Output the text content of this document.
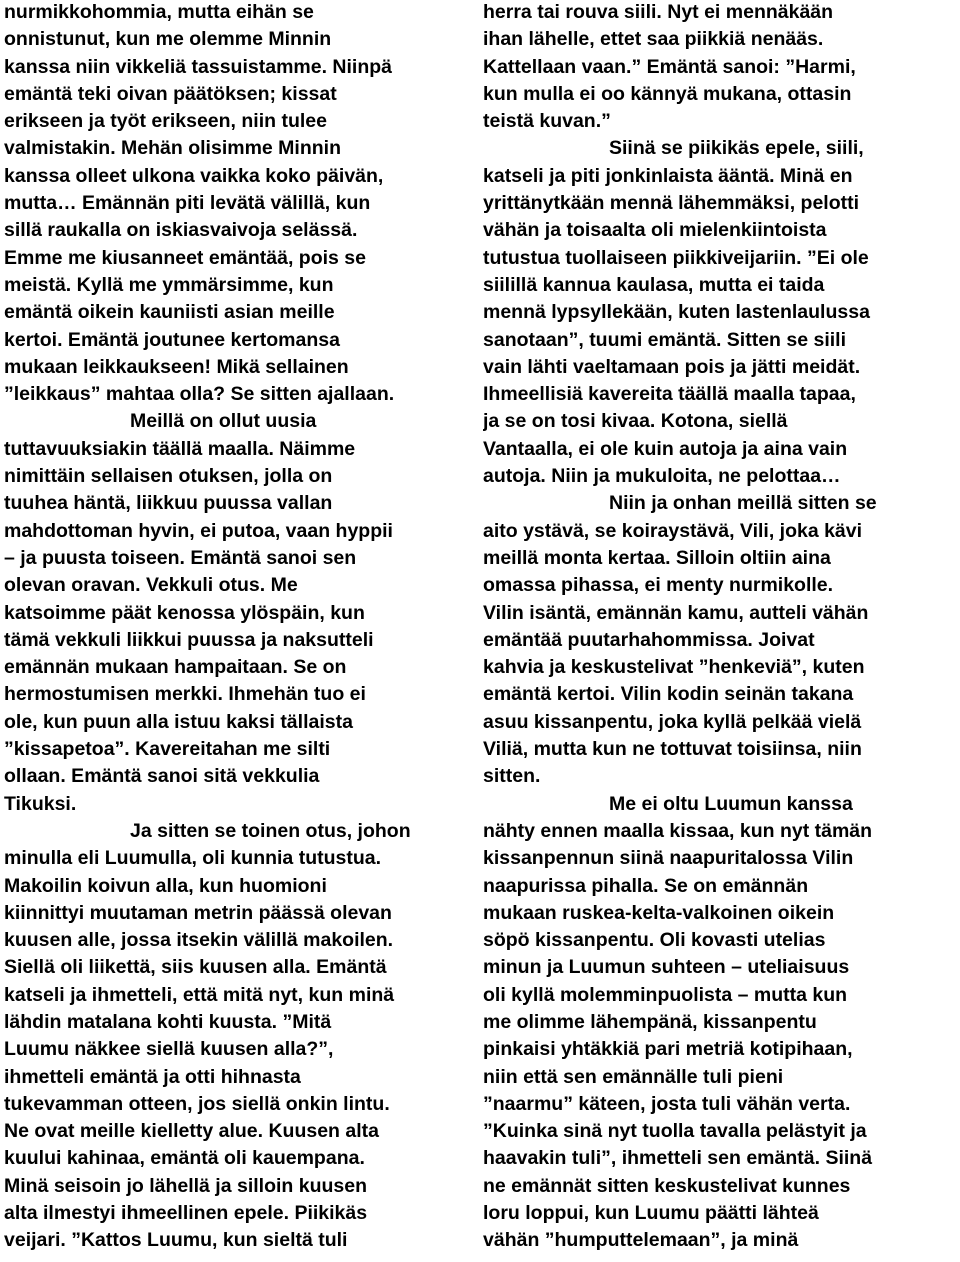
nurmikkohommia, mutta eihän se
onnistunut, kun me olemme Minnin
kanssa niin vikkeliä tassuistamme. Niinpä
emäntä teki oivan päätöksen; kissat
erikseen ja työt erikseen, niin tulee
valmistakin. Mehän olisimme Minnin
kanssa olleet ulkona vaikka koko päivän,
mutta… Emännän piti levätä välillä, kun
sillä raukalla on iskiasvaivoja selässä.
Emme me kiusanneet emäntää, pois se
meistä. Kyllä me ymmärsimme, kun
emäntä oikein kauniisti asian meille
kertoi. Emäntä joutunee kertomansa
mukaan leikkaukseen! Mikä sellainen
”leikkaus” mahtaa olla? Se sitten ajallaan.
Meillä on ollut uusia
tuttavuuksiakin täällä maalla. Näimme
nimittäin sellaisen otuksen, jolla on
tuuhea häntä, liikkuu puussa vallan
mahdottoman hyvin, ei putoa, vaan hyppii
– ja puusta toiseen. Emäntä sanoi sen
olevan oravan. Vekkuli otus. Me
katsoimme päät kenossa ylöspäin, kun
tämä vekkuli liikkui puussa ja naksutteli
emännän mukaan hampaitaan. Se on
hermostumisen merkki. Ihmehän tuo ei
ole, kun puun alla istuu kaksi tällaista
”kissapetoa”. Kavereitahan me silti
ollaan. Emäntä sanoi sitä vekkulia
Tikuksi.
Ja sitten se toinen otus, johon
minulla eli Luumulla, oli kunnia tutustua.
Makoilin koivun alla, kun huomioni
kiinnittyi muutaman metrin päässä olevan
kuusen alle, jossa itsekin välillä makoilen.
Siellä oli liikettä, siis kuusen alla. Emäntä
katseli ja ihmetteli, että mitä nyt, kun minä
lähdin matalana kohti kuusta. ”Mitä
Luumu näkkee siellä kuusen alla?”,
ihmetteli emäntä ja otti hihnasta
tukevamman otteen, jos siellä onkin lintu.
Ne ovat meille kielletty alue. Kuusen alta
kuului kahinaa, emäntä oli kauempana.
Minä seisoin jo lähellä ja silloin kuusen
alta ilmestyi ihmeellinen epele. Piikikäs
veijari. ”Kattos Luumu, kun sieltä tuli
herra tai rouva siili. Nyt ei mennäkään
ihan lähelle, ettet saa piikkiä nenääs.
Kattellaan vaan.” Emäntä sanoi: ”Harmi,
kun mulla ei oo kännyä mukana, ottasin
teistä kuvan.”
Siinä se piikikäs epele, siili,
katseli ja piti jonkinlaista ääntä. Minä en
yrittänytkään mennä lähemmäksi, pelotti
vähän ja toisaalta oli mielenkiintoista
tutustua tuollaiseen piikkiveijariin. ”Ei ole
siilillä kannua kaulasa, mutta ei taida
mennä lypsyllekään, kuten lastenlaulussa
sanotaan”, tuumi emäntä. Sitten se siili
vain lähti vaeltamaan pois ja jätti meidät.
Ihmeellisiä kavereita täällä maalla tapaa,
ja se on tosi kivaa. Kotona, siellä
Vantaalla, ei ole kuin autoja ja aina vain
autoja. Niin ja mukuloita, ne pelottaa…
Niin ja onhan meillä sitten se
aito ystävä, se koiraystävä, Vili, joka kävi
meillä monta kertaa. Silloin oltiin aina
omassa pihassa, ei menty nurmikolle.
Vilin isäntä, emännän kamu, autteli vähän
emäntää puutarhahommissa. Joivat
kahvia ja keskustelivat ”henkeviä”, kuten
emäntä kertoi. Vilin kodin seinän takana
asuu kissanpentu, joka kyllä pelkää vielä
Viliä, mutta kun ne tottuvat toisiinsa, niin
sitten.
Me ei oltu Luumun kanssa
nähty ennen maalla kissaa, kun nyt tämän
kissanpennun siinä naapuritalossa Vilin
naapurissa pihalla. Se on emännän
mukaan ruskea-kelta-valkoinen oikein
söpö kissanpentu. Oli kovasti utelias
minun ja Luumun suhteen – uteliaisuus
oli kyllä molemminpuolista – mutta kun
me olimme lähempänä, kissanpentu
pinkaisi yhtäkkiä pari metriä kotipihaan,
niin että sen emännälle tuli pieni
”naarmu” käteen, josta tuli vähän verta.
”Kuinka sinä nyt tuolla tavalla pelästyit ja
haavakin tuli”, ihmetteli sen emäntä. Siinä
ne emännät sitten keskustelivat kunnes
loru loppui, kun Luumu päätti lähteä
vähän ”humputtelemaan”, ja minä
